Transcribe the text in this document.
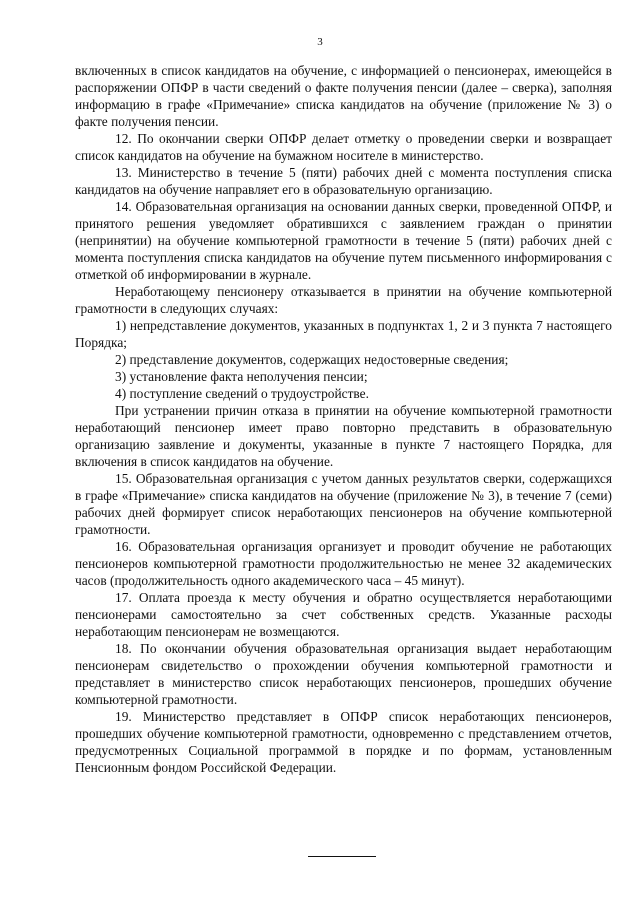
3

включенных в список кандидатов на обучение, с информацией о пенсионерах, имеющейся в распоряжении ОПФР в части сведений о факте получения пенсии (далее – сверка), заполняя информацию в графе «Примечание» списка кандидатов на обучение (приложение № 3) о факте получения пенсии.

12. По окончании сверки ОПФР делает отметку о проведении сверки и возвращает список кандидатов на обучение на бумажном носителе в министерство.

13. Министерство в течение 5 (пяти) рабочих дней с момента поступления списка кандидатов на обучение направляет его в образовательную организацию.

14. Образовательная организация на основании данных сверки, проведенной ОПФР, и принятого решения уведомляет обратившихся с заявлением граждан о принятии (непринятии) на обучение компьютерной грамотности в течение 5 (пяти) рабочих дней с момента поступления списка кандидатов на обучение путем письменного информирования с отметкой об информировании в журнале.

Неработающему пенсионеру отказывается в принятии на обучение компьютерной грамотности в следующих случаях:

1) непредставление документов, указанных в подпунктах 1, 2 и 3 пункта 7 настоящего Порядка;

2) представление документов, содержащих недостоверные сведения;

3) установление факта неполучения пенсии;

4) поступление сведений о трудоустройстве.

При устранении причин отказа в принятии на обучение компьютерной грамотности неработающий пенсионер имеет право повторно представить в образовательную организацию заявление и документы, указанные в пункте 7 настоящего Порядка, для включения в список кандидатов на обучение.

15. Образовательная организация с учетом данных результатов сверки, содержащихся в графе «Примечание» списка кандидатов на обучение (приложение № 3), в течение 7 (семи) рабочих дней формирует список неработающих пенсионеров на обучение компьютерной грамотности.

16. Образовательная организация организует и проводит обучение не работающих пенсионеров компьютерной грамотности продолжительностью не менее 32 академических часов (продолжительность одного академического часа – 45 минут).

17. Оплата проезда к месту обучения и обратно осуществляется неработающими пенсионерами самостоятельно за счет собственных средств. Указанные расходы неработающим пенсионерам не возмещаются.

18. По окончании обучения образовательная организация выдает неработающим пенсионерам свидетельство о прохождении обучения компьютерной грамотности и представляет в министерство список неработающих пенсионеров, прошедших обучение компьютерной грамотности.

19. Министерство представляет в ОПФР список неработающих пенсионеров, прошедших обучение компьютерной грамотности, одновременно с представлением отчетов, предусмотренных Социальной программой в порядке и по формам, установленным Пенсионным фондом Российской Федерации.
